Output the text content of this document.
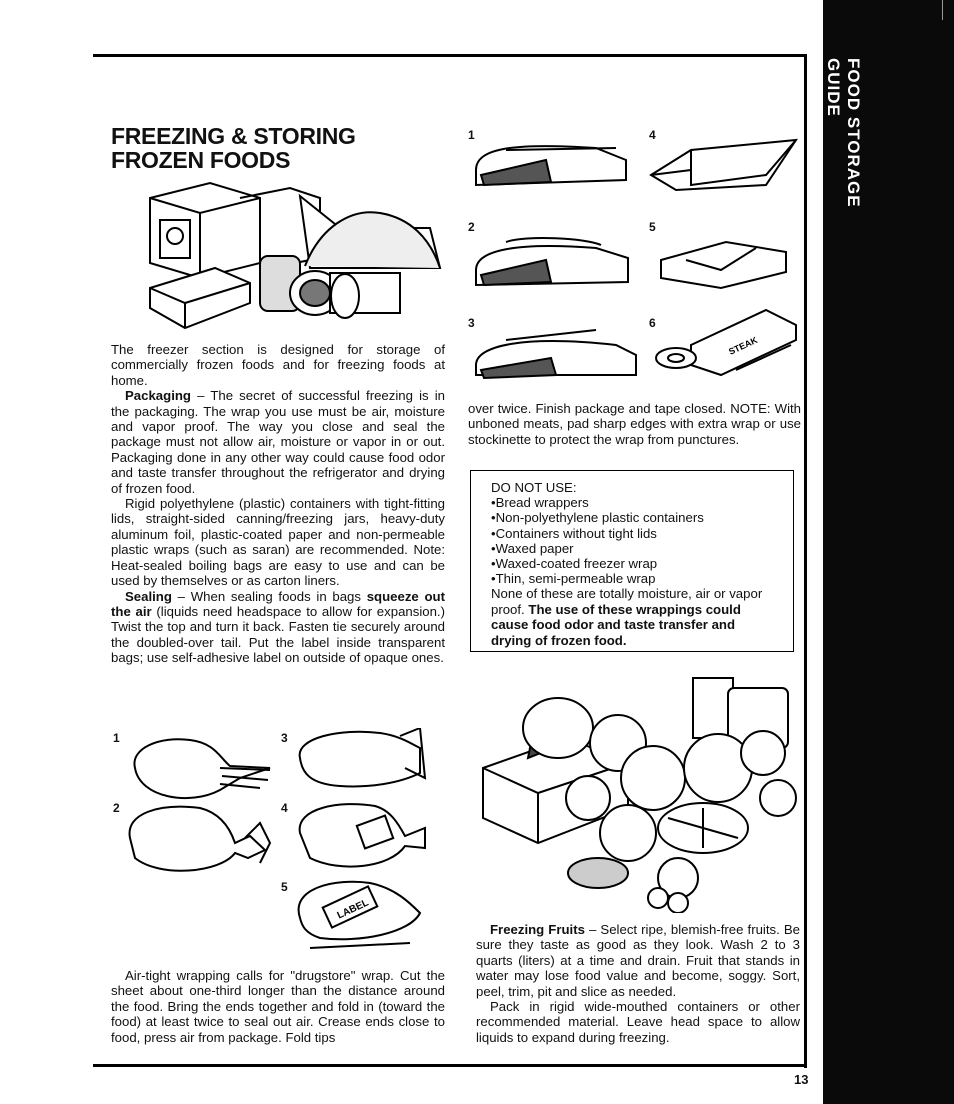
FOOD STORAGE GUIDE
FREEZING & STORING FROZEN FOODS

The freezer section is designed for storage of commercially frozen foods and for freezing foods at home.

Packaging – The secret of successful freezing is in the packaging. The wrap you use must be air, moisture and vapor proof. The way you close and seal the package must not allow air, moisture or vapor in or out. Packaging done in any other way could cause food odor and taste transfer throughout the refrigerator and drying of frozen food.

Rigid polyethylene (plastic) containers with tight-fitting lids, straight-sided canning/freezing jars, heavy-duty aluminum foil, plastic-coated paper and non-permeable plastic wraps (such as saran) are recommended. Note: Heat-sealed boiling bags are easy to use and can be used by themselves or as carton liners.

Sealing – When sealing foods in bags squeeze out the air (liquids need headspace to allow for expansion.) Twist the top and turn it back. Fasten tie securely around the doubled-over tail. Put the label inside transparent bags; use self-adhesive label on outside of opaque ones.

1	3
2	4
5
LABEL

Air-tight wrapping calls for "drugstore" wrap. Cut the sheet about one-third longer than the distance around the food. Bring the ends together and fold in (toward the food) at least twice to seal out air. Crease ends close to food, press air from package. Fold tips

1	4
2	5
3	6
STEAK

over twice. Finish package and tape closed. NOTE: With unboned meats, pad sharp edges with extra wrap or use stockinette to protect the wrap from punctures.

DO NOT USE:
• Bread wrappers
• Non-polyethylene plastic containers
• Containers without tight lids
• Waxed paper
• Waxed-coated freezer wrap
• Thin, semi-permeable wrap
None of these are totally moisture, air or vapor proof. The use of these wrappings could cause food odor and taste transfer and drying of frozen food.

Freezing Fruits – Select ripe, blemish-free fruits. Be sure they taste as good as they look. Wash 2 to 3 quarts (liters) at a time and drain. Fruit that stands in water may lose food value and become, soggy. Sort, peel, trim, pit and slice as needed.

Pack in rigid wide-mouthed containers or other recommended material. Leave head space to allow liquids to expand during freezing.

13
